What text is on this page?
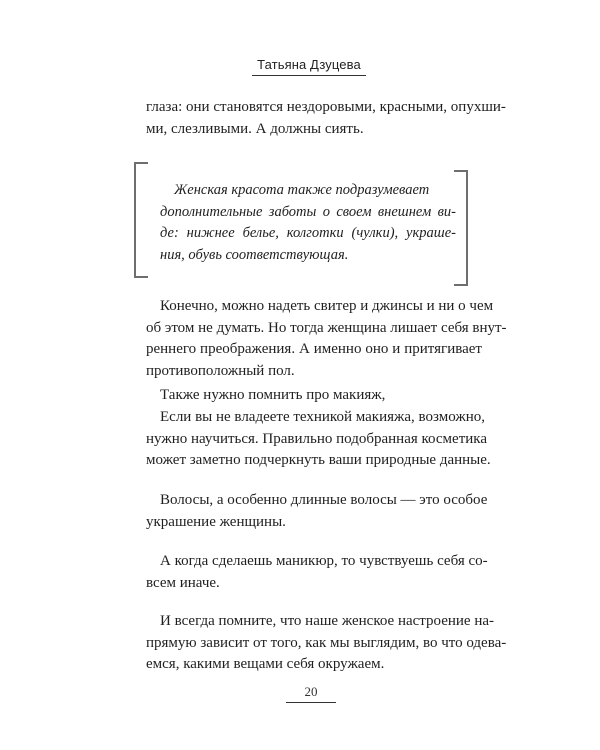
Татьяна Дзуцева
глаза: они становятся нездоровыми, красными, опухши-
ми, слезливыми. А должны сиять.
Женская красота также подразумевает
дополнительные заботы о своем внешнем ви-
де: нижнее белье, колготки (чулки), украше-
ния, обувь соответствующая.
Конечно, можно надеть свитер и джинсы и ни о чем
об этом не думать. Но тогда женщина лишает себя внут-
реннего преображения. А именно оно и притягивает
противоположный пол.
Также нужно помнить про макияж,
Если вы не владеете техникой макияжа, возможно,
нужно научиться. Правильно подобранная косметика
может заметно подчеркнуть ваши природные данные.
Волосы, а особенно длинные волосы — это особое
украшение женщины.
А когда сделаешь маникюр, то чувствуешь себя со-
всем иначе.
И всегда помните, что наше женское настроение на-
прямую зависит от того, как мы выглядим, во что одева-
емся, какими вещами себя окружаем.
20
